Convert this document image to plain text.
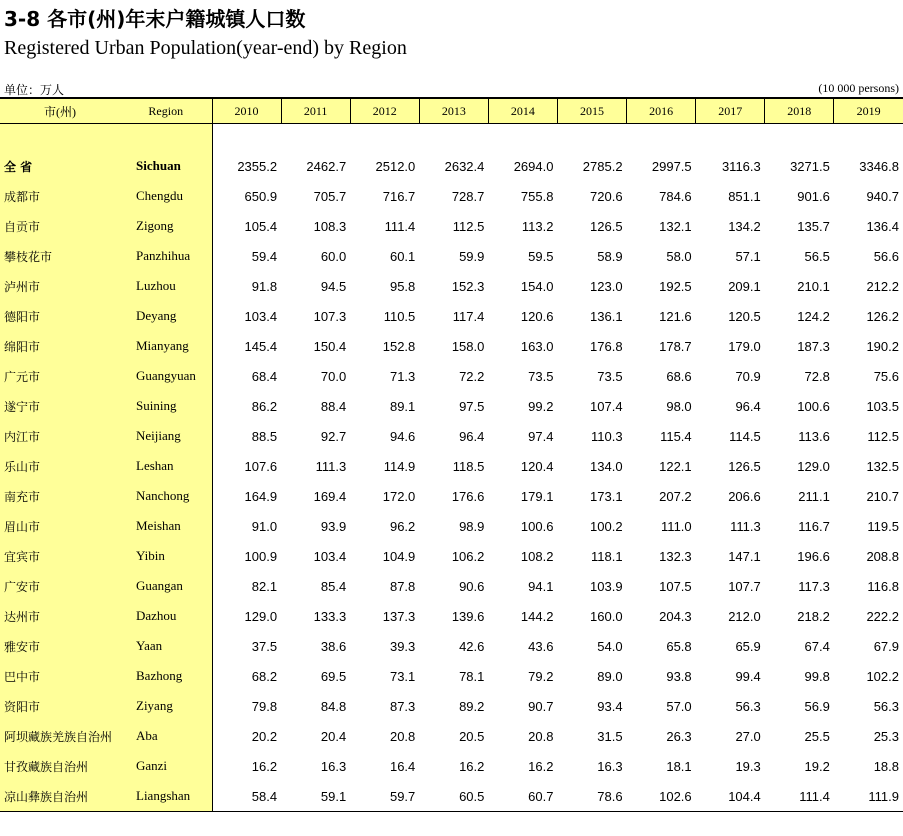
3-8 各市(州)年末户籍城镇人口数
Registered Urban Population(year-end) by Region
单位：万人	(10 000 persons)
市(州)	Region	2010	2011	2012	2013	2014	2015	2016	2017	2018	2019

全 省	Sichuan	2355.2	2462.7	2512.0	2632.4	2694.0	2785.2	2997.5	3116.3	3271.5	3346.8
成都市	Chengdu	650.9	705.7	716.7	728.7	755.8	720.6	784.6	851.1	901.6	940.7
自贡市	Zigong	105.4	108.3	111.4	112.5	113.2	126.5	132.1	134.2	135.7	136.4
攀枝花市	Panzhihua	59.4	60.0	60.1	59.9	59.5	58.9	58.0	57.1	56.5	56.6
泸州市	Luzhou	91.8	94.5	95.8	152.3	154.0	123.0	192.5	209.1	210.1	212.2
德阳市	Deyang	103.4	107.3	110.5	117.4	120.6	136.1	121.6	120.5	124.2	126.2
绵阳市	Mianyang	145.4	150.4	152.8	158.0	163.0	176.8	178.7	179.0	187.3	190.2
广元市	Guangyuan	68.4	70.0	71.3	72.2	73.5	73.5	68.6	70.9	72.8	75.6
遂宁市	Suining	86.2	88.4	89.1	97.5	99.2	107.4	98.0	96.4	100.6	103.5
内江市	Neijiang	88.5	92.7	94.6	96.4	97.4	110.3	115.4	114.5	113.6	112.5
乐山市	Leshan	107.6	111.3	114.9	118.5	120.4	134.0	122.1	126.5	129.0	132.5
南充市	Nanchong	164.9	169.4	172.0	176.6	179.1	173.1	207.2	206.6	211.1	210.7
眉山市	Meishan	91.0	93.9	96.2	98.9	100.6	100.2	111.0	111.3	116.7	119.5
宜宾市	Yibin	100.9	103.4	104.9	106.2	108.2	118.1	132.3	147.1	196.6	208.8
广安市	Guangan	82.1	85.4	87.8	90.6	94.1	103.9	107.5	107.7	117.3	116.8
达州市	Dazhou	129.0	133.3	137.3	139.6	144.2	160.0	204.3	212.0	218.2	222.2
雅安市	Yaan	37.5	38.6	39.3	42.6	43.6	54.0	65.8	65.9	67.4	67.9
巴中市	Bazhong	68.2	69.5	73.1	78.1	79.2	89.0	93.8	99.4	99.8	102.2
资阳市	Ziyang	79.8	84.8	87.3	89.2	90.7	93.4	57.0	56.3	56.9	56.3
阿坝藏族羌族自治州	Aba	20.2	20.4	20.8	20.5	20.8	31.5	26.3	27.0	25.5	25.3
甘孜藏族自治州	Ganzi	16.2	16.3	16.4	16.2	16.2	16.3	18.1	19.3	19.2	18.8
凉山彝族自治州	Liangshan	58.4	59.1	59.7	60.5	60.7	78.6	102.6	104.4	111.4	111.9
